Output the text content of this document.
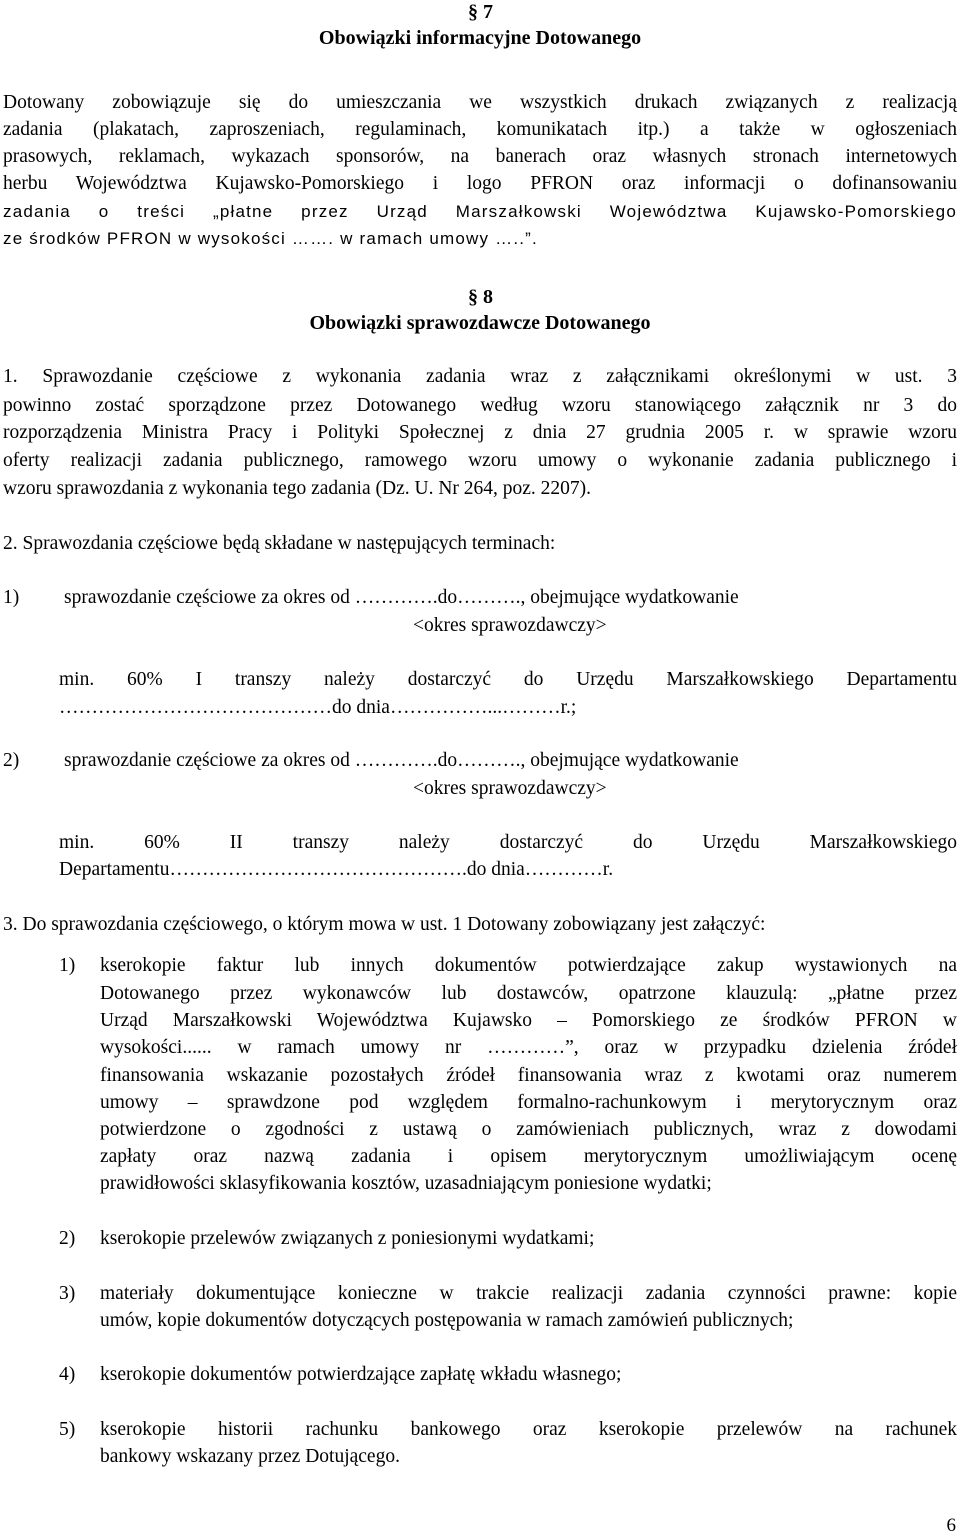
§ 7
Obowiązki informacyjne Dotowanego
Dotowany zobowiązuje się do umieszczania we wszystkich drukach związanych z realizacją
zadania (plakatach, zaproszeniach, regulaminach, komunikatach itp.) a także w ogłoszeniach
prasowych, reklamach, wykazach sponsorów, na banerach oraz własnych stronach internetowych
herbu Województwa Kujawsko-Pomorskiego i logo PFRON oraz informacji o dofinansowaniu
zadania o treści „płatne przez Urząd Marszałkowski Województwa Kujawsko-Pomorskiego
ze środków PFRON w wysokości ……. w ramach umowy …..”.
§ 8
Obowiązki sprawozdawcze Dotowanego
1. Sprawozdanie częściowe z wykonania zadania wraz z załącznikami określonymi w ust. 3
powinno zostać sporządzone przez Dotowanego według wzoru stanowiącego załącznik nr 3 do
rozporządzenia Ministra Pracy i Polityki Społecznej z dnia 27 grudnia 2005 r. w sprawie wzoru
oferty realizacji zadania publicznego, ramowego wzoru umowy o wykonanie zadania publicznego i
wzoru sprawozdania z wykonania tego zadania (Dz. U. Nr 264, poz. 2207).
2. Sprawozdania częściowe będą składane w następujących terminach:
1) sprawozdanie częściowe za okres od ………….do………., obejmujące wydatkowanie
<okres sprawozdawczy>
min. 60% I transzy należy dostarczyć do Urzędu Marszałkowskiego Departamentu
……………………………………do dnia……………...………r.;
2) sprawozdanie częściowe za okres od ………….do………., obejmujące wydatkowanie
<okres sprawozdawczy>
min. 60% II transzy należy dostarczyć do Urzędu Marszałkowskiego
Departamentu……………………………………….do dnia…………r.
3. Do sprawozdania częściowego, o którym mowa w ust. 1 Dotowany zobowiązany jest załączyć:
1) kserokopie faktur lub innych dokumentów potwierdzające zakup wystawionych na
Dotowanego przez wykonawców lub dostawców, opatrzone klauzulą: „płatne przez
Urząd Marszałkowski Województwa Kujawsko – Pomorskiego ze środków PFRON w
wysokości...... w ramach umowy nr …………”, oraz w przypadku dzielenia źródeł
finansowania wskazanie pozostałych źródeł finansowania wraz z kwotami oraz numerem
umowy – sprawdzone pod względem formalno-rachunkowym i merytorycznym oraz
potwierdzone o zgodności z ustawą o zamówieniach publicznych, wraz z dowodami
zapłaty oraz nazwą zadania i opisem merytorycznym umożliwiającym ocenę
prawidłowości sklasyfikowania kosztów, uzasadniającym poniesione wydatki;
2) kserokopie przelewów związanych z poniesionymi wydatkami;
3) materiały dokumentujące konieczne w trakcie realizacji zadania czynności prawne: kopie
umów, kopie dokumentów dotyczących postępowania w ramach zamówień publicznych;
4) kserokopie dokumentów potwierdzające zapłatę wkładu własnego;
5) kserokopie historii rachunku bankowego oraz kserokopie przelewów na rachunek
bankowy wskazany przez Dotującego.
6
